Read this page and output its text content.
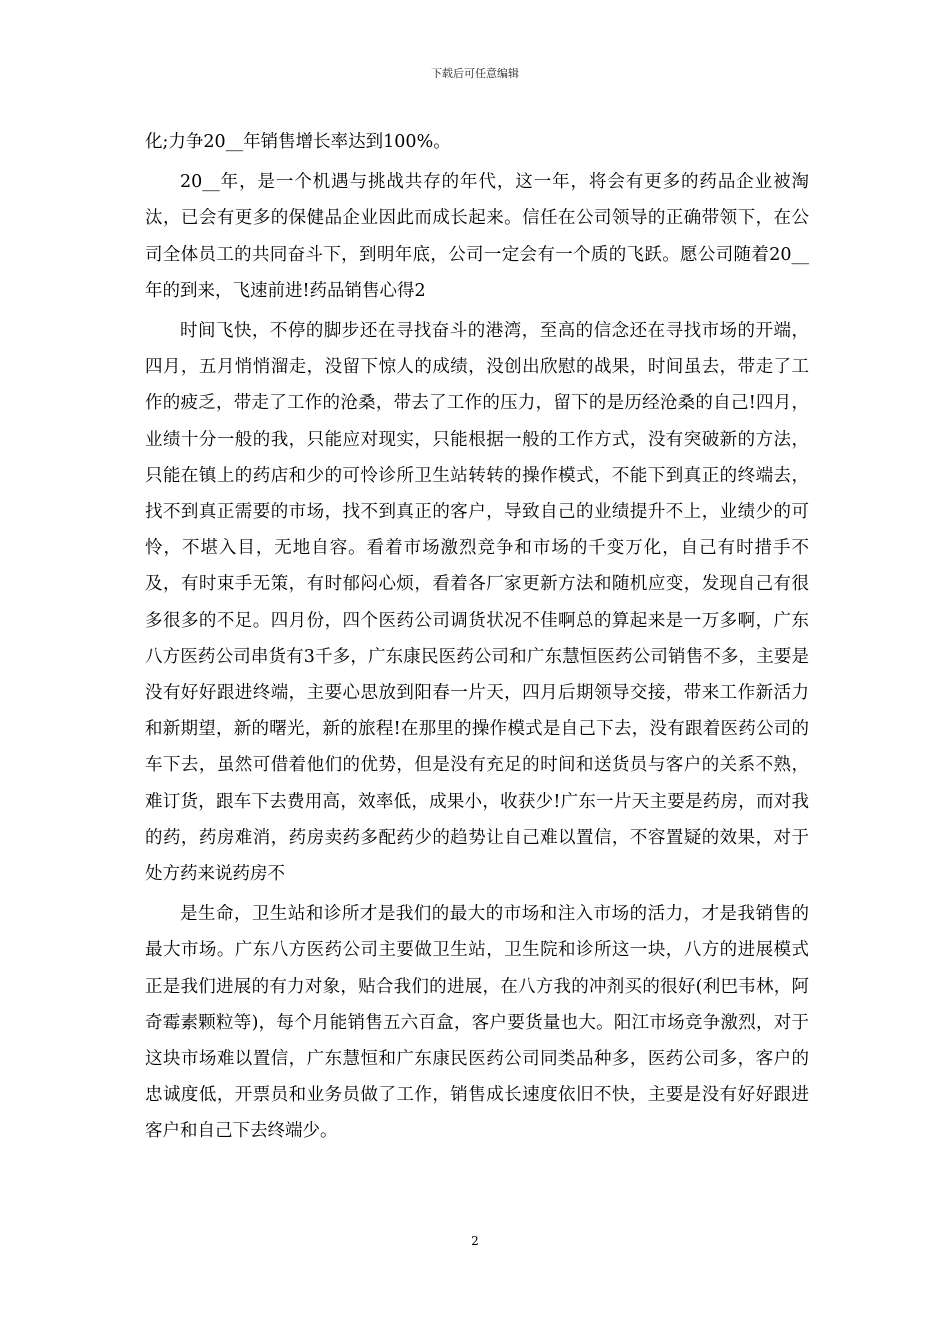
下载后可任意编辑

化;力争20__年销售增长率达到100%。

20__年，是一个机遇与挑战共存的年代，这一年，将会有更多的药品企业被淘汰，已会有更多的保健品企业因此而成长起来。信任在公司领导的正确带领下，在公司全体员工的共同奋斗下，到明年底，公司一定会有一个质的飞跃。愿公司随着20__年的到来，飞速前进!药品销售心得2

时间飞快，不停的脚步还在寻找奋斗的港湾，至高的信念还在寻找市场的开端，四月，五月悄悄溜走，没留下惊人的成绩，没创出欣慰的战果，时间虽去，带走了工作的疲乏，带走了工作的沧桑，带去了工作的压力，留下的是历经沧桑的自己!四月，业绩十分一般的我，只能应对现实，只能根据一般的工作方式，没有突破新的方法，只能在镇上的药店和少的可怜诊所卫生站转转的操作模式，不能下到真正的终端去，找不到真正需要的市场，找不到真正的客户，导致自己的业绩提升不上，业绩少的可怜，不堪入目，无地自容。看着市场激烈竞争和市场的千变万化，自己有时措手不及，有时束手无策，有时郁闷心烦，看着各厂家更新方法和随机应变，发现自己有很多很多的不足。四月份，四个医药公司调货状况不佳啊总的算起来是一万多啊，广东八方医药公司串货有3千多，广东康民医药公司和广东慧恒医药公司销售不多，主要是没有好好跟进终端，主要心思放到阳春一片天，四月后期领导交接，带来工作新活力和新期望，新的曙光，新的旅程!在那里的操作模式是自己下去，没有跟着医药公司的车下去，虽然可借着他们的优势，但是没有充足的时间和送货员与客户的关系不熟，难订货，跟车下去费用高，效率低，成果小，收获少!广东一片天主要是药房，而对我的药，药房难消，药房卖药多配药少的趋势让自己难以置信，不容置疑的效果，对于处方药来说药房不

是生命，卫生站和诊所才是我们的最大的市场和注入市场的活力，才是我销售的最大市场。广东八方医药公司主要做卫生站，卫生院和诊所这一块，八方的进展模式正是我们进展的有力对象，贴合我们的进展，在八方我的冲剂买的很好(利巴韦林，阿奇霉素颗粒等)，每个月能销售五六百盒，客户要货量也大。阳江市场竞争激烈，对于这块市场难以置信，广东慧恒和广东康民医药公司同类品种多，医药公司多，客户的忠诚度低，开票员和业务员做了工作，销售成长速度依旧不快，主要是没有好好跟进客户和自己下去终端少。

2
